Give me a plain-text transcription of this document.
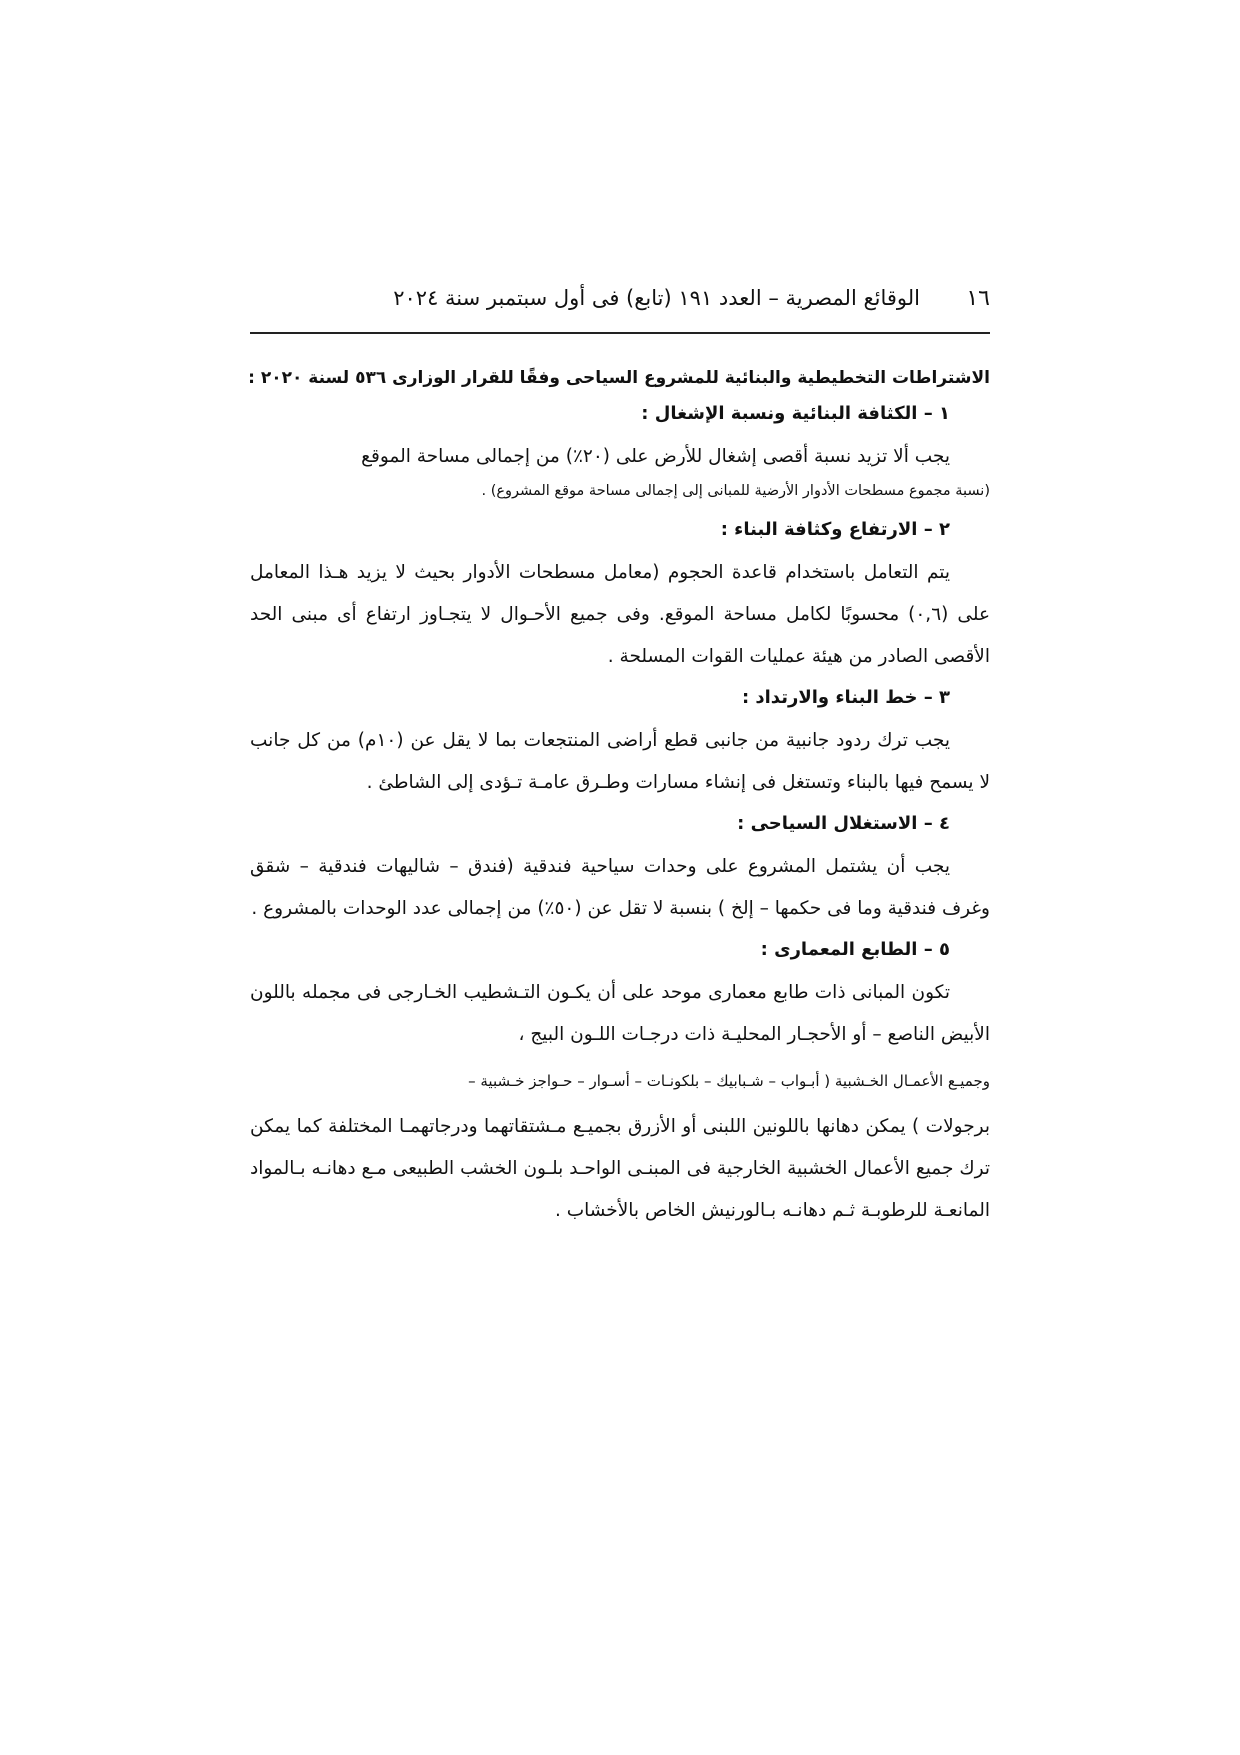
١٦
الوقائع المصرية – العدد ١٩١ (تابع) فى أول سبتمبر سنة ٢٠٢٤
الاشتراطات التخطيطية والبنائية للمشروع السياحى وفقًا للقرار الوزارى ٥٣٦ لسنة ٢٠٢٠ :
١ – الكثافة البنائية ونسبة الإشغال :

يجب ألا تزيد نسبة أقصى إشغال للأرض على (٢٠٪) من إجمالى مساحة الموقع

(نسبة مجموع مسطحات الأدوار الأرضية للمبانى إلى إجمالى مساحة موقع المشروع) .
٢ – الارتفاع وكثافة البناء :

يتم التعامل باستخدام قاعدة الحجوم (معامل مسطحات الأدوار بحيث لا يزيد هـذا المعامل على (٠,٦) محسوبًا لكامل مساحة الموقع. وفى جميع الأحـوال لا يتجـاوز ارتفاع أى مبنى الحد الأقصى الصادر من هيئة عمليات القوات المسلحة .

٣ – خط البناء والارتداد :

يجب ترك ردود جانبية من جانبى قطع أراضى المنتجعات بما لا يقل عن (١٠م) من كل جانب لا يسمح فيها بالبناء وتستغل فى إنشاء مسارات وطـرق عامـة تـؤدى إلى الشاطئ .

٤ – الاستغلال السياحى :

يجب أن يشتمل المشروع على وحدات سياحية فندقية (فندق – شاليهات فندقية – شقق وغرف فندقية وما فى حكمها – إلخ ) بنسبة لا تقل عن (٥٠٪) من إجمالى عدد الوحدات بالمشروع .

٥ – الطابع المعمارى :

تكون المبانى ذات طابع معمارى موحد على أن يكـون التـشطيب الخـارجى فى مجمله باللون الأبيض الناصع – أو الأحجـار المحليـة ذات درجـات اللـون البيج ،

وجميـع الأعمـال الخـشبية ( أبـواب – شـبابيك – بلكونـات – أسـوار – حـواجز خـشبية –

برجولات ) يمكن دهانها باللونين اللبنى أو الأزرق بجميـع مـشتقاتهما ودرجاتهمـا المختلفة كما يمكن ترك جميع الأعمال الخشبية الخارجية فى المبنـى الواحـد بلـون الخشب الطبيعى مـع دهانـه بـالمواد المانعـة للرطوبـة ثـم دهانـه بـالورنيش الخاص بالأخشاب .
